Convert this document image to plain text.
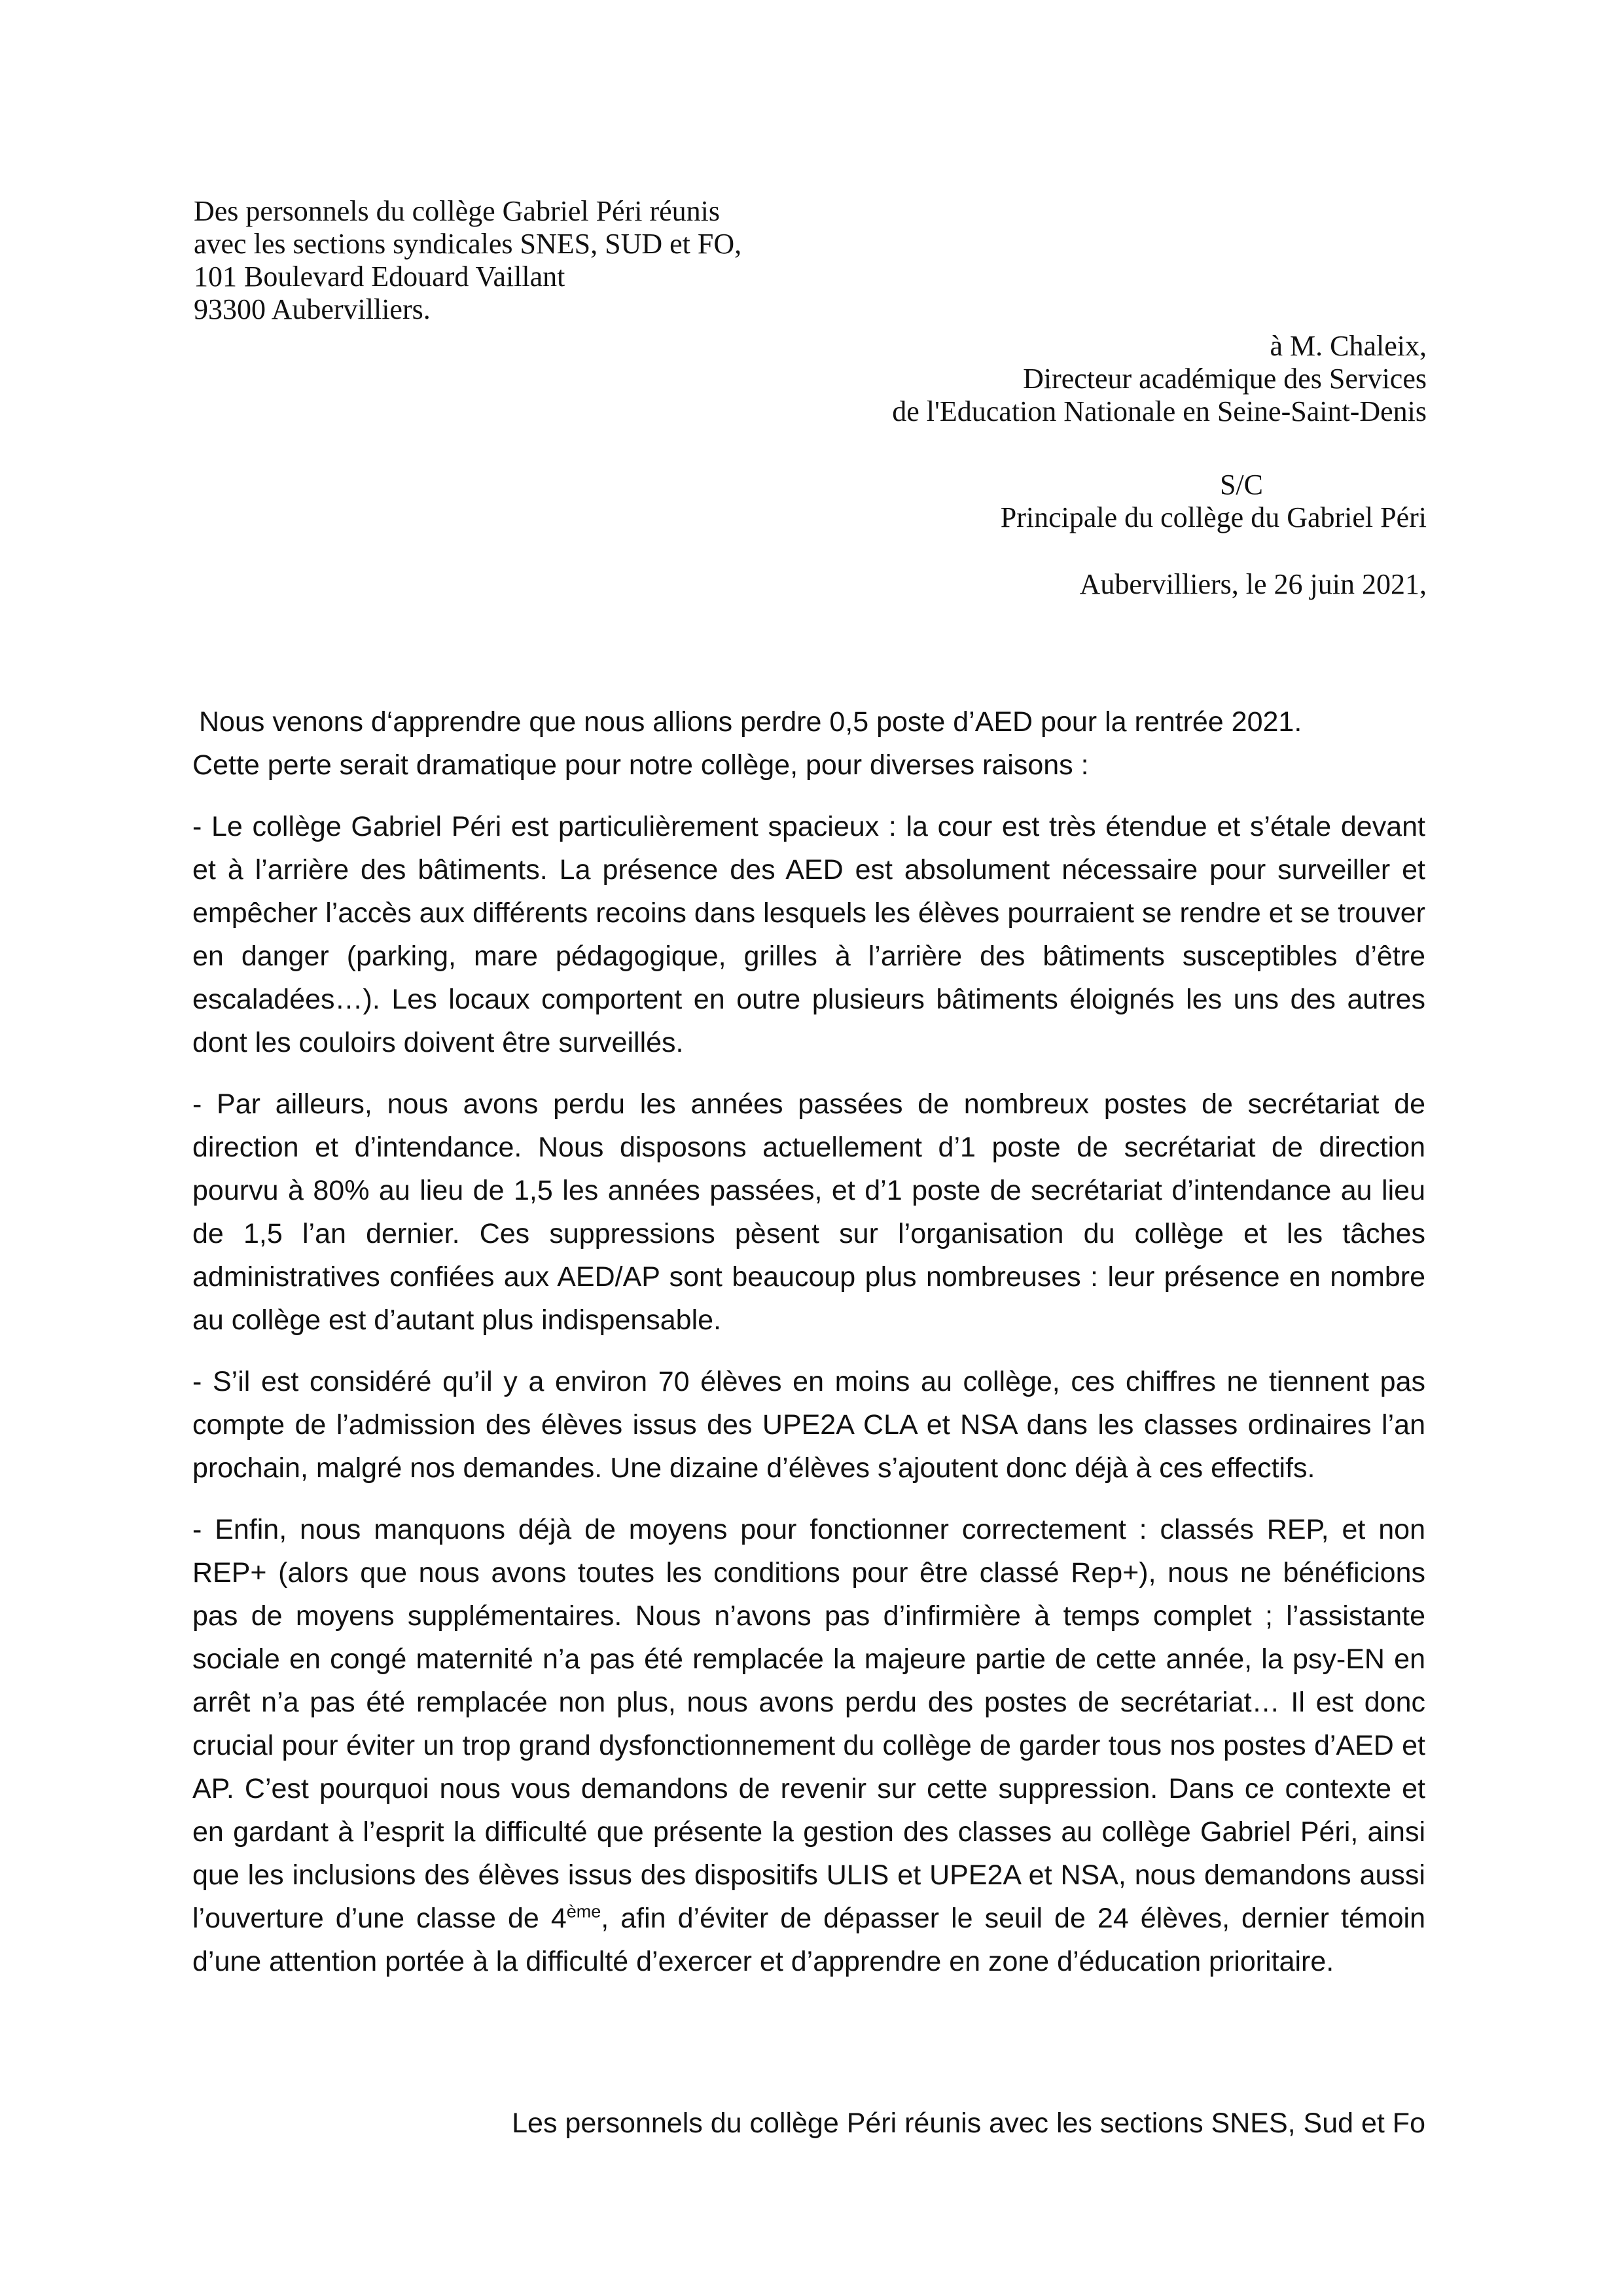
Des personnels du collège Gabriel Péri réunis
avec les sections syndicales SNES, SUD et FO,
101 Boulevard Edouard Vaillant
93300 Aubervilliers.
à M. Chaleix,
Directeur académique des Services
de l'Education Nationale en Seine-Saint-Denis
S/C
Principale du collège du Gabriel Péri
Aubervilliers, le 26 juin 2021,
Nous venons d‘apprendre que nous allions perdre 0,5 poste d’AED pour la rentrée 2021.
Cette perte serait dramatique pour notre collège, pour diverses raisons :

- Le collège Gabriel Péri est particulièrement spacieux : la cour est très étendue et s’étale devant et à l’arrière des bâtiments. La présence des AED est absolument nécessaire pour surveiller et empêcher l’accès aux différents recoins dans lesquels les élèves pourraient se rendre et se trouver en danger (parking, mare pédagogique, grilles à l’arrière des bâtiments susceptibles d’être escaladées…). Les locaux comportent en outre plusieurs bâtiments éloignés les uns des autres dont les couloirs doivent être surveillés.

- Par ailleurs, nous avons perdu les années passées de nombreux postes de secrétariat de direction et d’intendance. Nous disposons actuellement d’1 poste de secrétariat de direction pourvu à 80% au lieu de 1,5 les années passées, et d’1 poste de secrétariat d’intendance au lieu de 1,5 l’an dernier. Ces suppressions pèsent sur l’organisation du collège et les tâches administratives confiées aux AED/AP sont beaucoup plus nombreuses : leur présence en nombre au collège est d’autant plus indispensable.

- S’il est considéré qu’il y a environ 70 élèves en moins au collège, ces chiffres ne tiennent pas compte de l’admission des élèves issus des UPE2A CLA et NSA dans les classes ordinaires l’an prochain, malgré nos demandes. Une dizaine d’élèves s’ajoutent donc déjà à ces effectifs.

- Enfin, nous manquons déjà de moyens pour fonctionner correctement : classés REP, et non REP+ (alors que nous avons toutes les conditions pour être classé Rep+), nous ne bénéficions pas de moyens supplémentaires. Nous n’avons pas d’infirmière à temps complet ; l’assistante sociale en congé maternité n’a pas été remplacée la majeure partie de cette année, la psy-EN en arrêt n’a pas été remplacée non plus, nous avons perdu des postes de secrétariat… Il est donc crucial pour éviter un trop grand dysfonctionnement du collège de garder tous nos postes d’AED et AP. C’est pourquoi nous vous demandons de revenir sur cette suppression. Dans ce contexte et en gardant à l’esprit la difficulté que présente la gestion des classes au collège Gabriel Péri, ainsi que les inclusions des élèves issus des dispositifs ULIS et UPE2A et NSA, nous demandons aussi l’ouverture d’une classe de 4ème, afin d’éviter de dépasser le seuil de 24 élèves, dernier témoin d’une attention portée à la difficulté d’exercer et d’apprendre en zone d’éducation prioritaire.

Les personnels du collège Péri réunis avec les sections SNES, Sud et Fo
